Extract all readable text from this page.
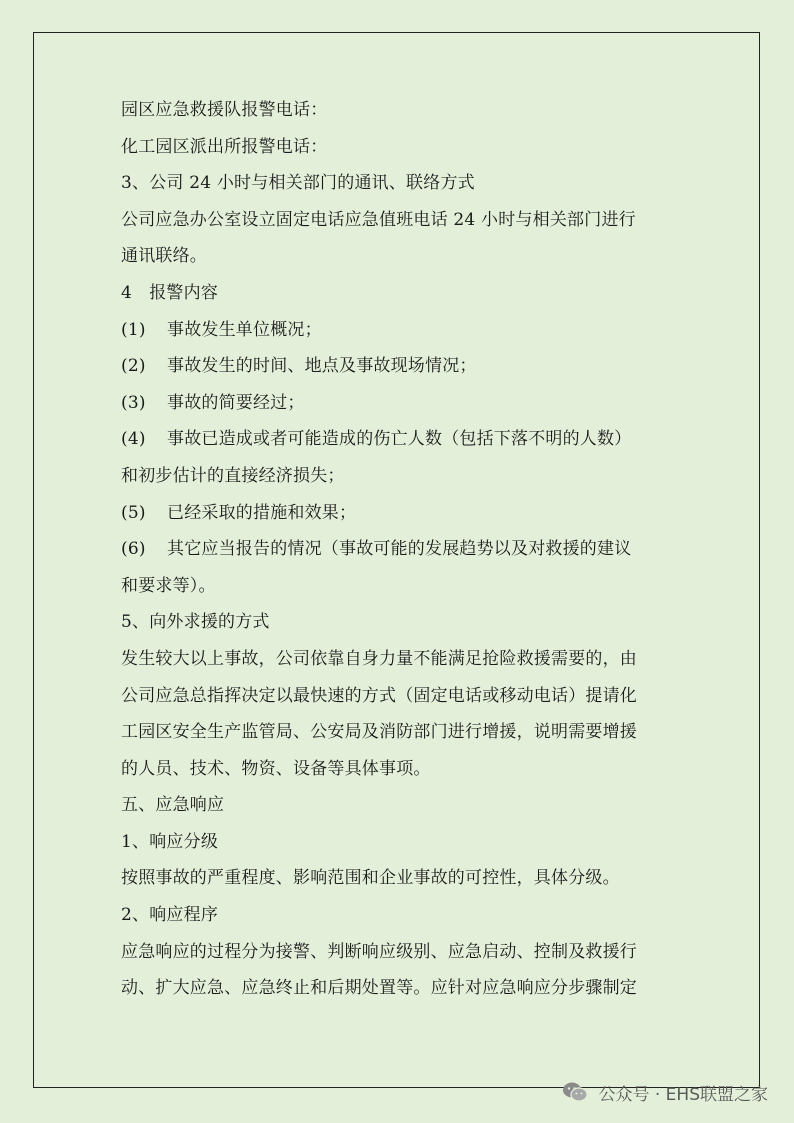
园区应急救援队报警电话：
化工园区派出所报警电话：
3、公司 24 小时与相关部门的通讯、联络方式
公司应急办公室设立固定电话应急值班电话 24 小时与相关部门进行
通讯联络。
4　报警内容
(1) 事故发生单位概况；
(2) 事故发生的时间、地点及事故现场情况；
(3) 事故的简要经过；
(4) 事故已造成或者可能造成的伤亡人数（包括下落不明的人数）
和初步估计的直接经济损失；
(5) 已经采取的措施和效果；
(6) 其它应当报告的情况（事故可能的发展趋势以及对救援的建议
和要求等）。
5、向外求援的方式
发生较大以上事故，公司依靠自身力量不能满足抢险救援需要的，由
公司应急总指挥决定以最快速的方式（固定电话或移动电话）提请化
工园区安全生产监管局、公安局及消防部门进行增援，说明需要增援
的人员、技术、物资、设备等具体事项。
五、应急响应
1、响应分级
按照事故的严重程度、影响范围和企业事故的可控性，具体分级。
2、响应程序
应急响应的过程分为接警、判断响应级别、应急启动、控制及救援行
动、扩大应急、应急终止和后期处置等。应针对应急响应分步骤制定
公众号 · EHS联盟之家
